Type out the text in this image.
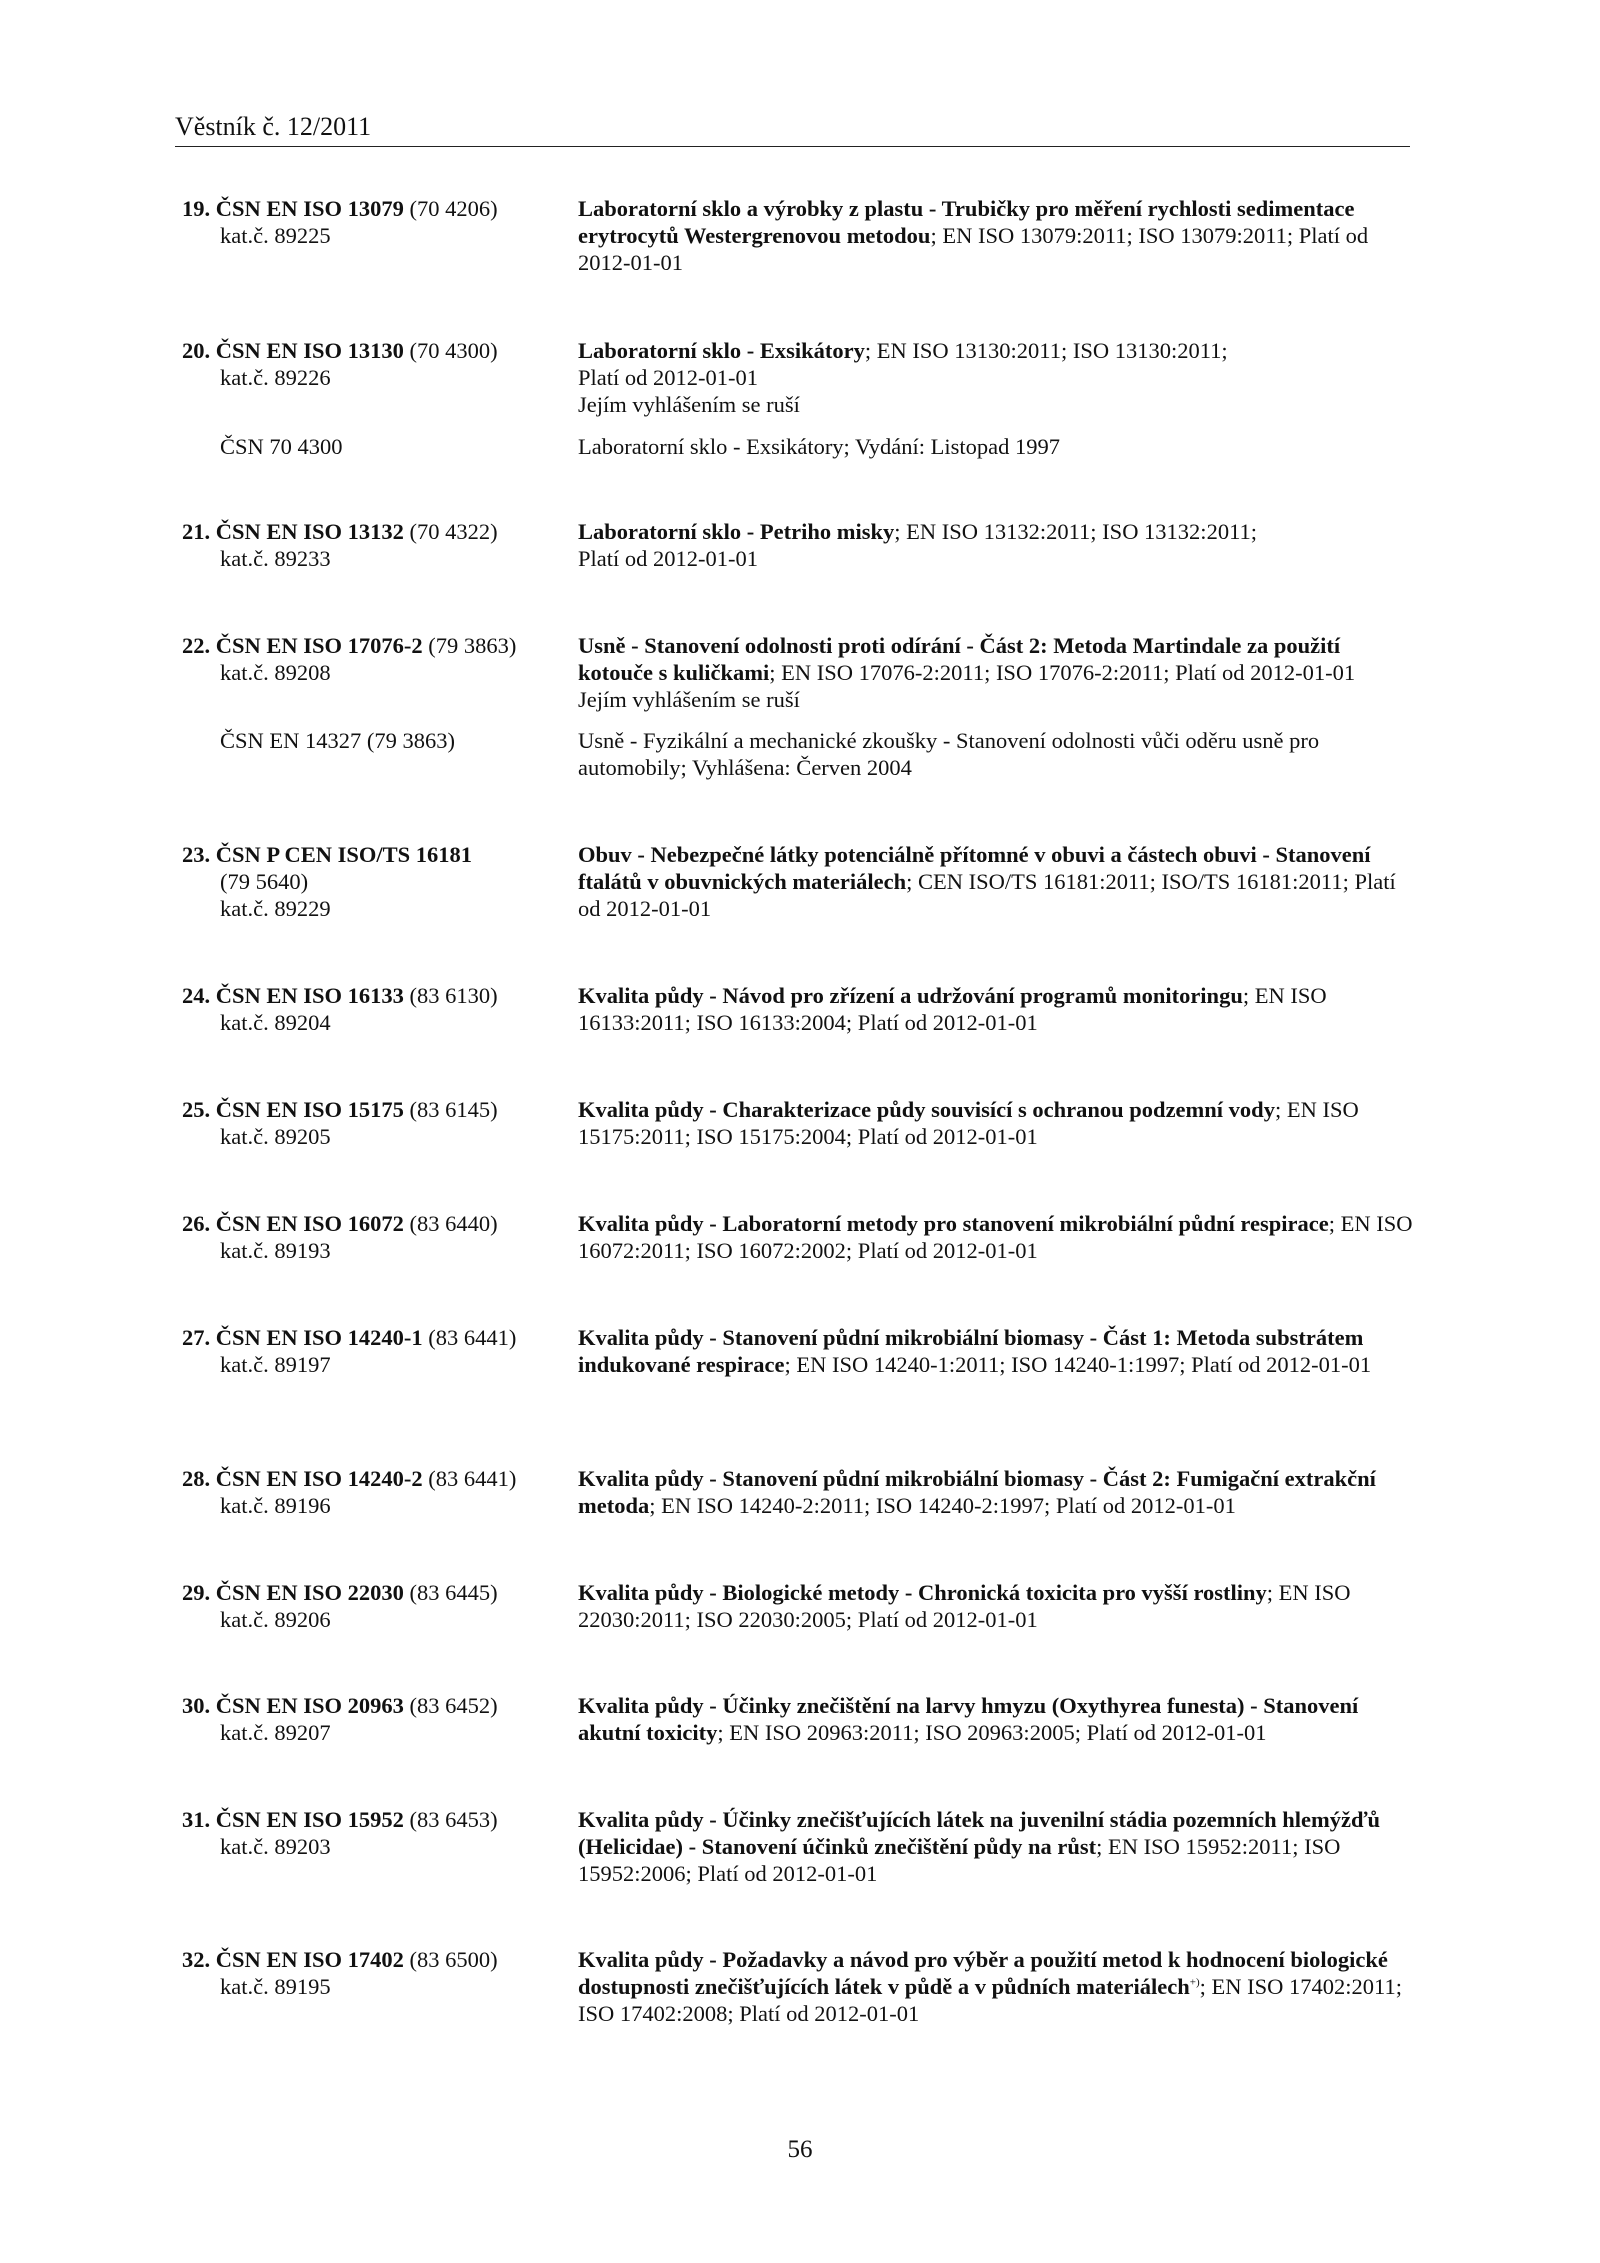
Věstník č. 12/2011
19. ČSN EN ISO 13079 (70 4206)
kat.č. 89225
Laboratorní sklo a výrobky z plastu - Trubičky pro měření rychlosti sedimentace erytrocytů Westergrenovou metodou; EN ISO 13079:2011; ISO 13079:2011; Platí od 2012-01-01
20. ČSN EN ISO 13130 (70 4300)
kat.č. 89226
Laboratorní sklo - Exsikátory; EN ISO 13130:2011; ISO 13130:2011;
Platí od 2012-01-01
Jejím vyhlášením se ruší
ČSN 70 4300	Laboratorní sklo - Exsikátory; Vydání: Listopad 1997
21. ČSN EN ISO 13132 (70 4322)
kat.č. 89233
Laboratorní sklo - Petriho misky; EN ISO 13132:2011; ISO 13132:2011;
Platí od 2012-01-01
22. ČSN EN ISO 17076-2 (79 3863)
kat.č. 89208
Usně - Stanovení odolnosti proti odírání - Část 2: Metoda Martindale za použití kotouče s kuličkami; EN ISO 17076-2:2011; ISO 17076-2:2011; Platí od 2012-01-01
Jejím vyhlášením se ruší
ČSN EN 14327 (79 3863)	Usně - Fyzikální a mechanické zkoušky - Stanovení odolnosti vůči oděru usně pro automobily; Vyhlášena: Červen 2004
23. ČSN P CEN ISO/TS 16181
(79 5640)
kat.č. 89229
Obuv - Nebezpečné látky potenciálně přítomné v obuvi a částech obuvi - Stanovení ftalátů v obuvnických materiálech; CEN ISO/TS 16181:2011; ISO/TS 16181:2011; Platí od 2012-01-01
24. ČSN EN ISO 16133 (83 6130)
kat.č. 89204
Kvalita půdy - Návod pro zřízení a udržování programů monitoringu; EN ISO 16133:2011; ISO 16133:2004; Platí od 2012-01-01
25. ČSN EN ISO 15175 (83 6145)
kat.č. 89205
Kvalita půdy - Charakterizace půdy souvisící s ochranou podzemní vody; EN ISO 15175:2011; ISO 15175:2004; Platí od 2012-01-01
26. ČSN EN ISO 16072 (83 6440)
kat.č. 89193
Kvalita půdy - Laboratorní metody pro stanovení mikrobiální půdní respirace; EN ISO 16072:2011; ISO 16072:2002; Platí od 2012-01-01
27. ČSN EN ISO 14240-1 (83 6441)
kat.č. 89197
Kvalita půdy - Stanovení půdní mikrobiální biomasy - Část 1: Metoda substrátem indukované respirace; EN ISO 14240-1:2011; ISO 14240-1:1997; Platí od 2012-01-01
28. ČSN EN ISO 14240-2 (83 6441)
kat.č. 89196
Kvalita půdy - Stanovení půdní mikrobiální biomasy - Část 2: Fumigační extrakční metoda; EN ISO 14240-2:2011; ISO 14240-2:1997; Platí od 2012-01-01
29. ČSN EN ISO 22030 (83 6445)
kat.č. 89206
Kvalita půdy - Biologické metody - Chronická toxicita pro vyšší rostliny; EN ISO 22030:2011; ISO 22030:2005; Platí od 2012-01-01
30. ČSN EN ISO 20963 (83 6452)
kat.č. 89207
Kvalita půdy - Účinky znečištění na larvy hmyzu (Oxythyrea funesta) - Stanovení akutní toxicity; EN ISO 20963:2011; ISO 20963:2005; Platí od 2012-01-01
31. ČSN EN ISO 15952 (83 6453)
kat.č. 89203
Kvalita půdy - Účinky znečišťujících látek na juvenilní stádia pozemních hlemýžďů (Helicidae) - Stanovení účinků znečištění půdy na růst; EN ISO 15952:2011; ISO 15952:2006; Platí od 2012-01-01
32. ČSN EN ISO 17402 (83 6500)
kat.č. 89195
Kvalita půdy - Požadavky a návod pro výběr a použití metod k hodnocení biologické dostupnosti znečišťujících látek v půdě a v půdních materiálech+); EN ISO 17402:2011; ISO 17402:2008; Platí od 2012-01-01
56
